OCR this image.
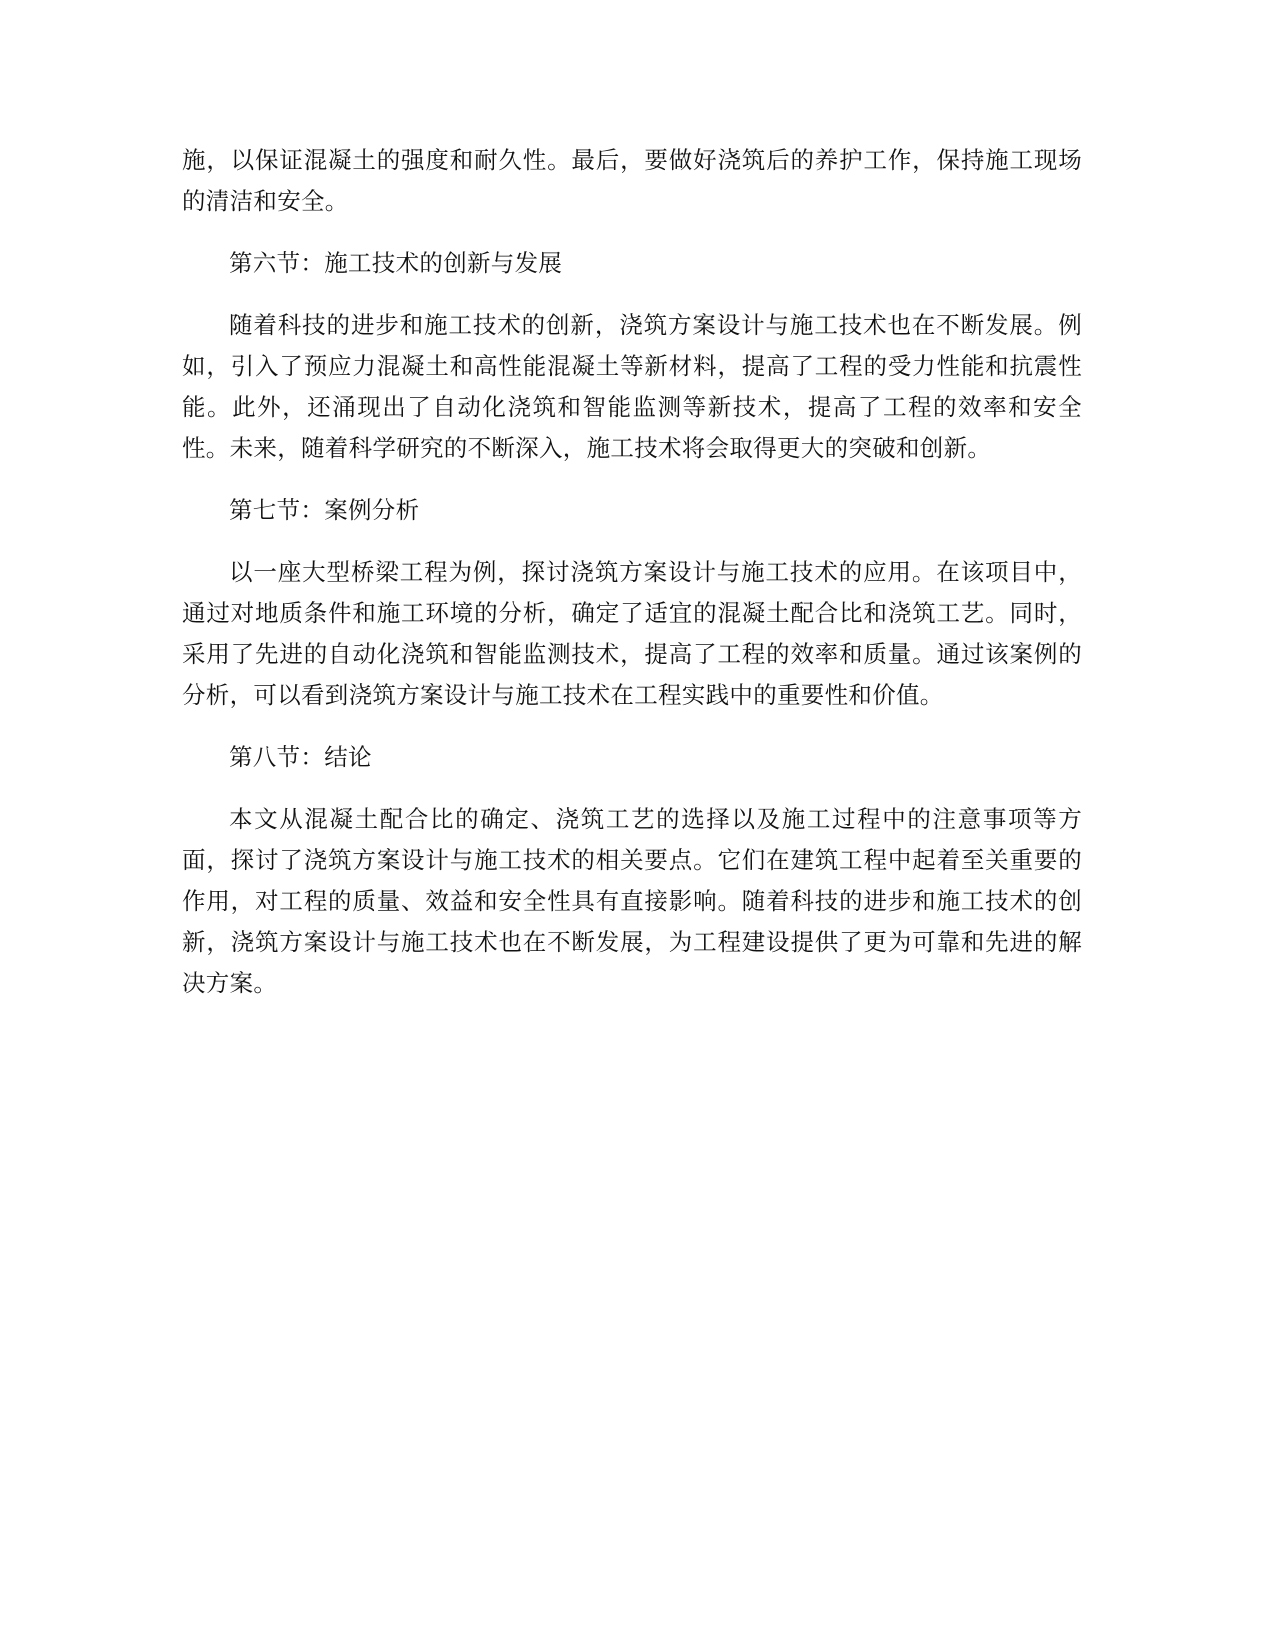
施，以保证混凝土的强度和耐久性。最后，要做好浇筑后的养护工作，保持施工现场的清洁和安全。

第六节：施工技术的创新与发展

随着科技的进步和施工技术的创新，浇筑方案设计与施工技术也在不断发展。例如，引入了预应力混凝土和高性能混凝土等新材料，提高了工程的受力性能和抗震性能。此外，还涌现出了自动化浇筑和智能监测等新技术，提高了工程的效率和安全性。未来，随着科学研究的不断深入，施工技术将会取得更大的突破和创新。

第七节：案例分析

以一座大型桥梁工程为例，探讨浇筑方案设计与施工技术的应用。在该项目中，通过对地质条件和施工环境的分析，确定了适宜的混凝土配合比和浇筑工艺。同时，采用了先进的自动化浇筑和智能监测技术，提高了工程的效率和质量。通过该案例的分析，可以看到浇筑方案设计与施工技术在工程实践中的重要性和价值。

第八节：结论

本文从混凝土配合比的确定、浇筑工艺的选择以及施工过程中的注意事项等方面，探讨了浇筑方案设计与施工技术的相关要点。它们在建筑工程中起着至关重要的作用，对工程的质量、效益和安全性具有直接影响。随着科技的进步和施工技术的创新，浇筑方案设计与施工技术也在不断发展，为工程建设提供了更为可靠和先进的解决方案。
